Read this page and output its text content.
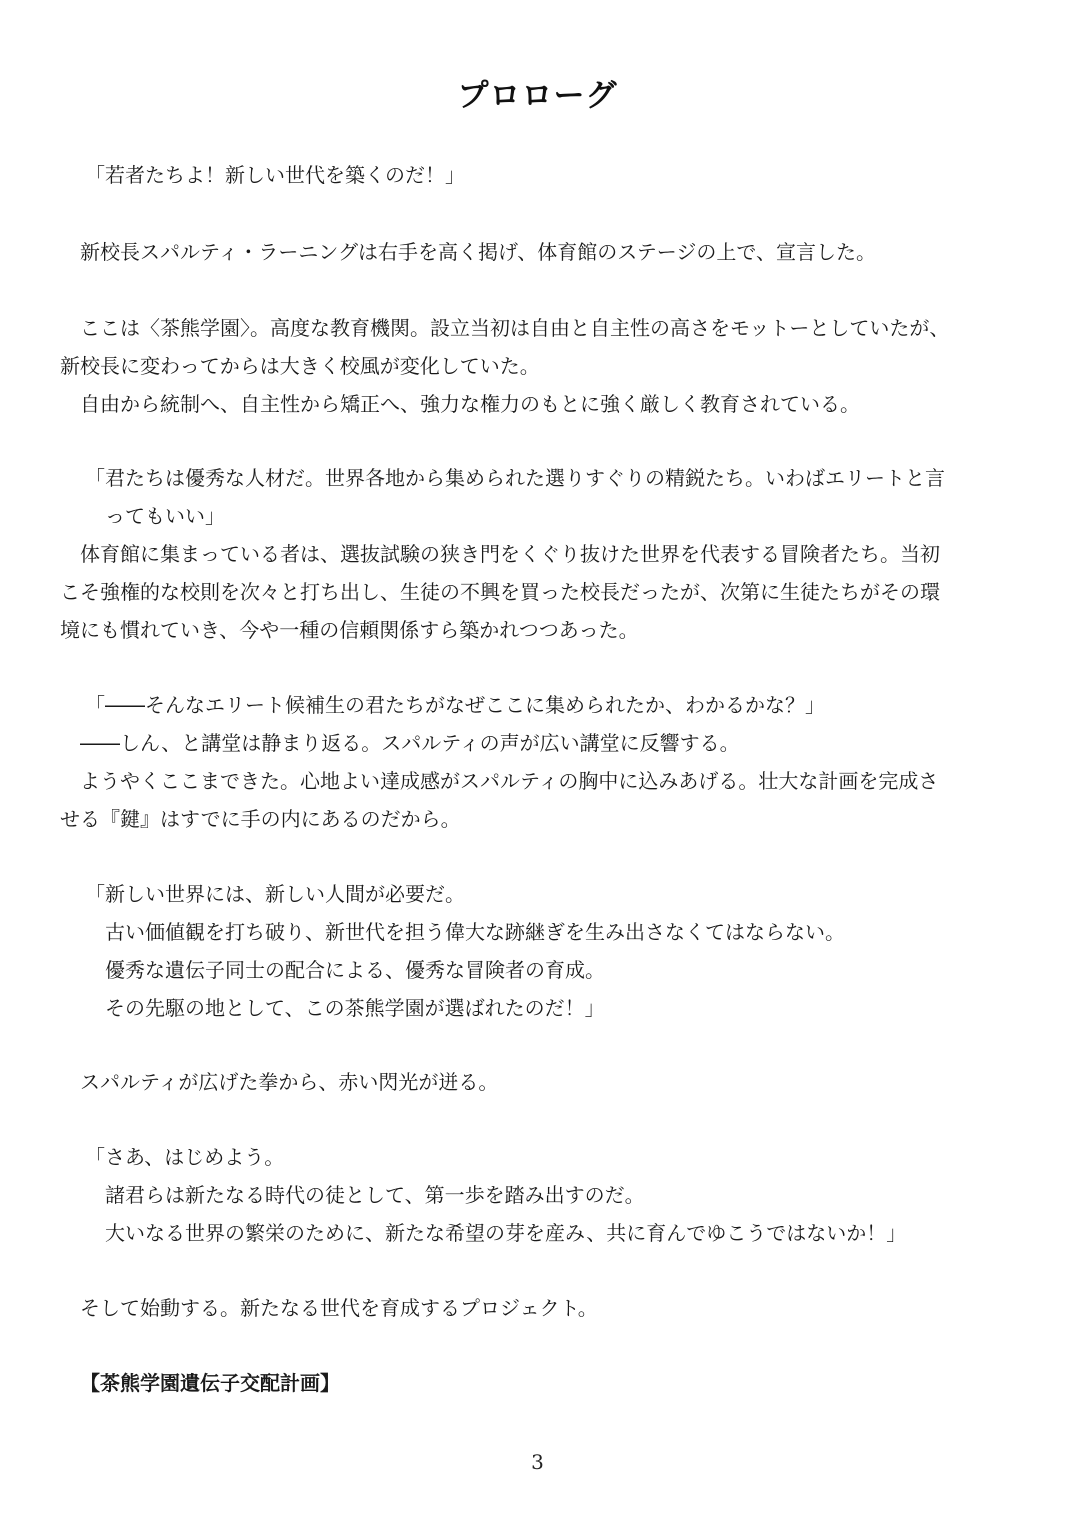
プロローグ
「若者たちよ！新しい世代を築くのだ！」
新校長スパルティ・ラーニングは右手を高く掲げ、体育館のステージの上で、宣言した。
ここは〈茶熊学園〉。高度な教育機関。設立当初は自由と自主性の高さをモットーとしていたが、
新校長に変わってからは大きく校風が変化していた。
自由から統制へ、自主性から矯正へ、強力な権力のもとに強く厳しく教育されている。
「君たちは優秀な人材だ。世界各地から集められた選りすぐりの精鋭たち。いわばエリートと言
ってもいい」
体育館に集まっている者は、選抜試験の狭き門をくぐり抜けた世界を代表する冒険者たち。当初
こそ強権的な校則を次々と打ち出し、生徒の不興を買った校長だったが、次第に生徒たちがその環
境にも慣れていき、今や一種の信頼関係すら築かれつつあった。
「――そんなエリート候補生の君たちがなぜここに集められたか、わかるかな？」
――しん、と講堂は静まり返る。スパルティの声が広い講堂に反響する。
ようやくここまできた。心地よい達成感がスパルティの胸中に込みあげる。壮大な計画を完成さ
せる『鍵』はすでに手の内にあるのだから。
「新しい世界には、新しい人間が必要だ。
古い価値観を打ち破り、新世代を担う偉大な跡継ぎを生み出さなくてはならない。
優秀な遺伝子同士の配合による、優秀な冒険者の育成。
その先駆の地として、この茶熊学園が選ばれたのだ！」
スパルティが広げた拳から、赤い閃光が迸る。
「さあ、はじめよう。
諸君らは新たなる時代の徒として、第一歩を踏み出すのだ。
大いなる世界の繁栄のために、新たな希望の芽を産み、共に育んでゆこうではないか！」
そして始動する。新たなる世代を育成するプロジェクト。
【茶熊学園遺伝子交配計画】
3
